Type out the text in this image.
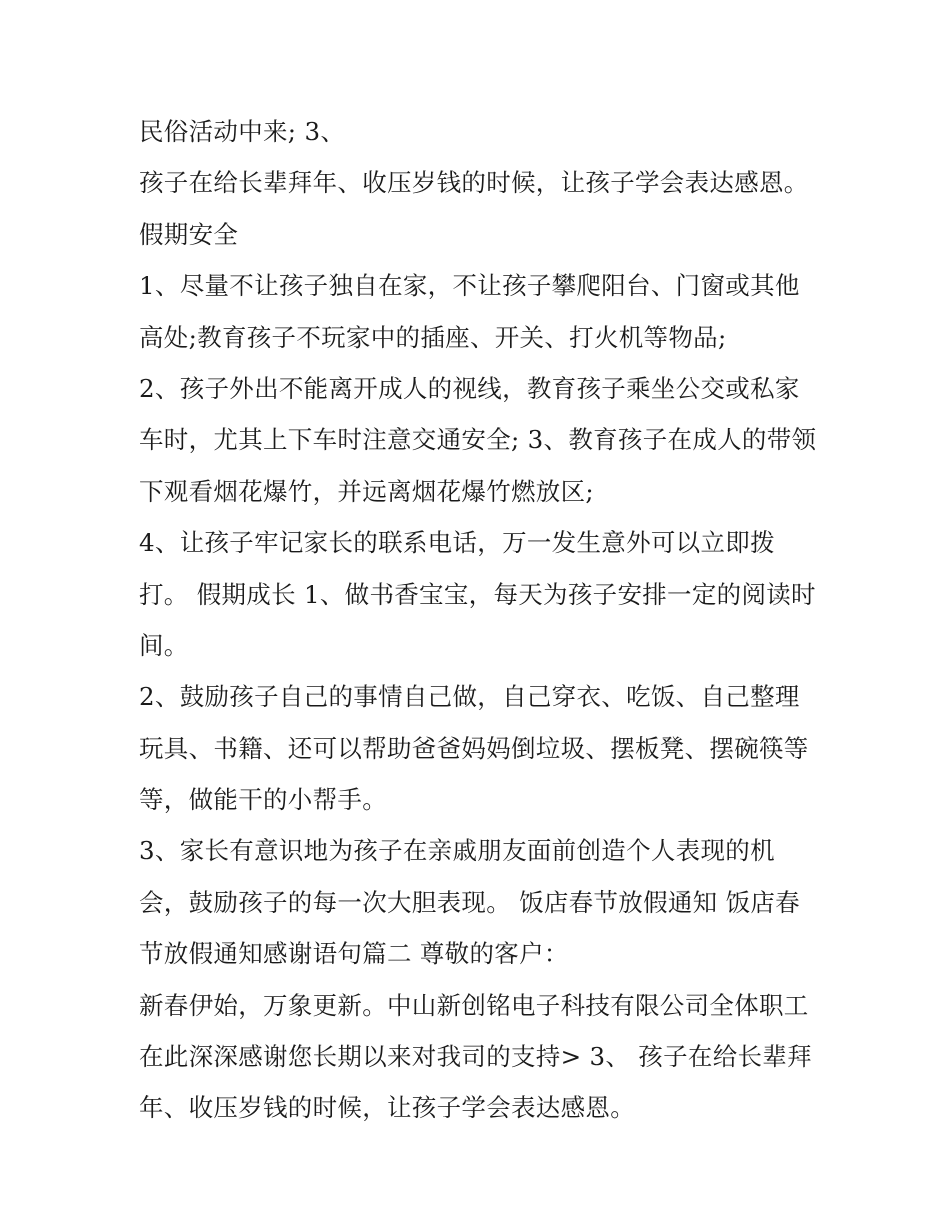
民俗活动中来; 3、
孩子在给长辈拜年、收压岁钱的时候，让孩子学会表达感恩。
假期安全
1、尽量不让孩子独自在家，不让孩子攀爬阳台、门窗或其他
高处;教育孩子不玩家中的插座、开关、打火机等物品;
2、孩子外出不能离开成人的视线，教育孩子乘坐公交或私家
车时，尤其上下车时注意交通安全; 3、教育孩子在成人的带领
下观看烟花爆竹，并远离烟花爆竹燃放区;
4、让孩子牢记家长的联系电话，万一发生意外可以立即拨
打。 假期成长 1、做书香宝宝，每天为孩子安排一定的阅读时
间。
2、鼓励孩子自己的事情自己做，自己穿衣、吃饭、自己整理
玩具、书籍、还可以帮助爸爸妈妈倒垃圾、摆板凳、摆碗筷等
等，做能干的小帮手。
3、家长有意识地为孩子在亲戚朋友面前创造个人表现的机
会，鼓励孩子的每一次大胆表现。 饭店春节放假通知 饭店春
节放假通知感谢语句篇二 尊敬的客户：
新春伊始，万象更新。中山新创铭电子科技有限公司全体职工
在此深深感谢您长期以来对我司的支持> 3、 孩子在给长辈拜
年、收压岁钱的时候，让孩子学会表达感恩。
